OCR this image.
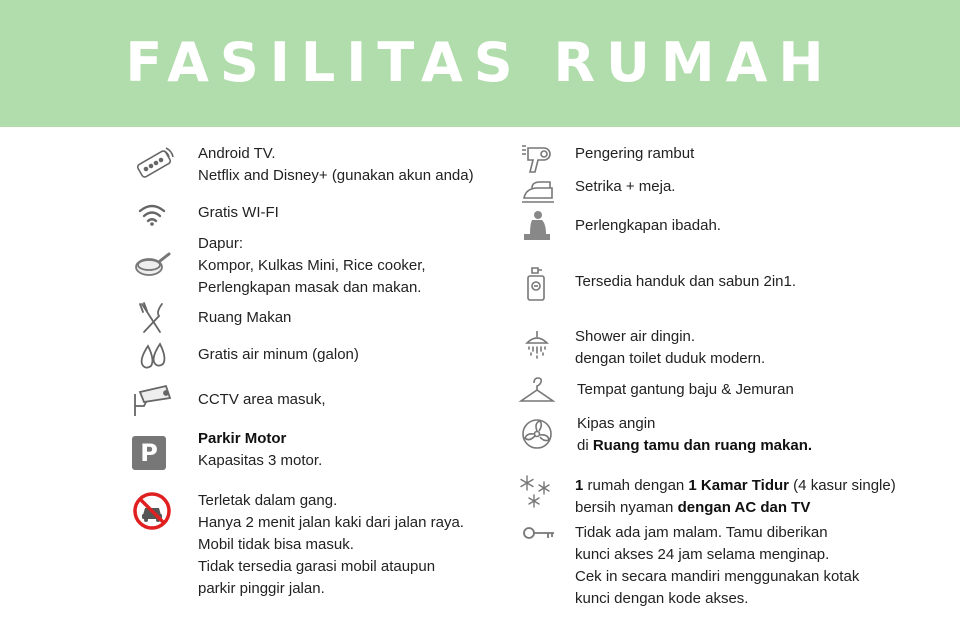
FASILITAS RUMAH
Android TV.
Netflix and Disney+ (gunakan akun anda)
Gratis WI-FI
Dapur:
Kompor, Kulkas Mini, Rice cooker,
Perlengkapan masak dan makan.
Ruang Makan
Gratis air minum (galon)
CCTV area masuk,
P
Parkir Motor
Kapasitas 3 motor.
Terletak dalam gang.
Hanya 2 menit jalan kaki dari jalan raya.
Mobil tidak bisa masuk.
Tidak tersedia garasi mobil ataupun
parkir pinggir jalan.
Pengering rambut
Setrika + meja.
Perlengkapan ibadah.
Tersedia handuk dan sabun 2in1.
Shower air dingin.
dengan toilet duduk modern.
Tempat gantung baju & Jemuran
Kipas angin
di Ruang tamu dan ruang makan.
1 rumah dengan 1 Kamar Tidur (4 kasur single)
bersih nyaman dengan AC dan TV
Tidak ada jam malam. Tamu diberikan
kunci akses 24 jam selama menginap.
Cek in secara mandiri menggunakan kotak
kunci dengan kode akses.
